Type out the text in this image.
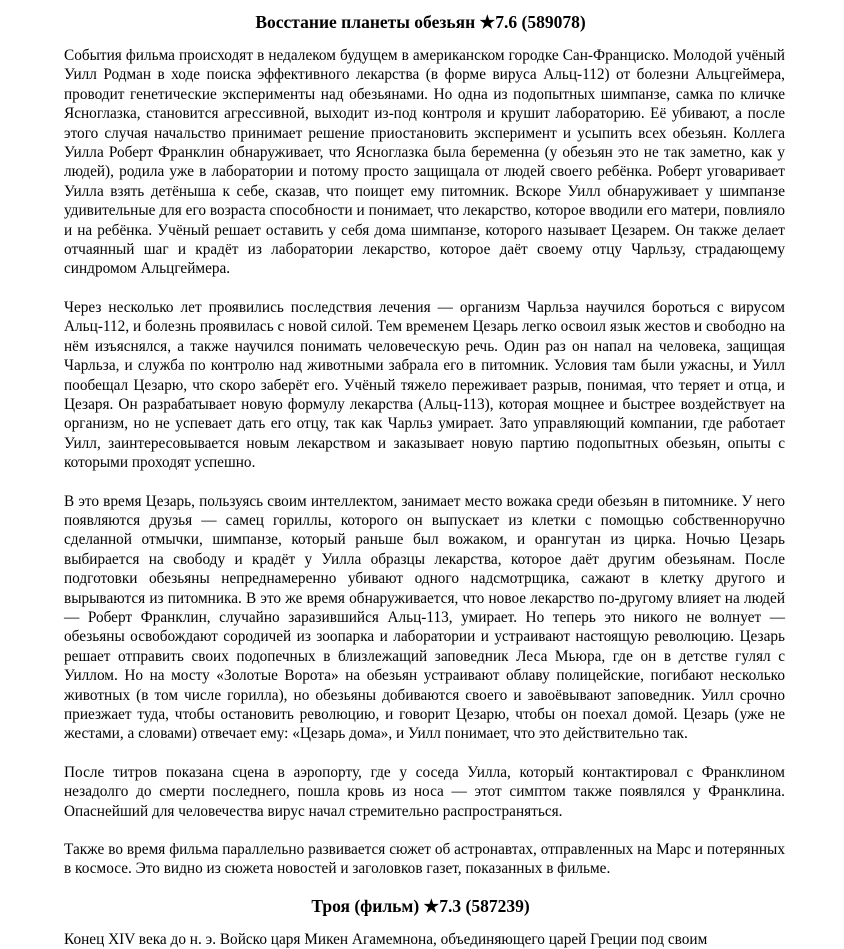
Восстание планеты обезьян ★7.6 (589078)

События фильма происходят в недалеком будущем в американском городке Сан-Франциско. Молодой учёный Уилл Родман в ходе поиска эффективного лекарства (в форме вируса Альц-112) от болезни Альцгеймера, проводит генетические эксперименты над обезьянами. Но одна из подопытных шимпанзе, самка по кличке Ясноглазка, становится агрессивной, выходит из-под контроля и крушит лабораторию. Её убивают, а после этого случая начальство принимает решение приостановить эксперимент и усыпить всех обезьян. Коллега Уилла Роберт Франклин обнаруживает, что Ясноглазка была беременна (у обезьян это не так заметно, как у людей), родила уже в лаборатории и потому просто защищала от людей своего ребёнка. Роберт уговаривает Уилла взять детёныша к себе, сказав, что поищет ему питомник. Вскоре Уилл обнаруживает у шимпанзе удивительные для его возраста способности и понимает, что лекарство, которое вводили его матери, повлияло и на ребёнка. Учёный решает оставить у себя дома шимпанзе, которого называет Цезарем. Он также делает отчаянный шаг и крадёт из лаборатории лекарство, которое даёт своему отцу Чарльзу, страдающему синдромом Альцгеймера.

Через несколько лет проявились последствия лечения — организм Чарльза научился бороться с вирусом Альц-112, и болезнь проявилась с новой силой. Тем временем Цезарь легко освоил язык жестов и свободно на нём изъяснялся, а также научился понимать человеческую речь. Один раз он напал на человека, защищая Чарльза, и служба по контролю над животными забрала его в питомник. Условия там были ужасны, и Уилл пообещал Цезарю, что скоро заберёт его. Учёный тяжело переживает разрыв, понимая, что теряет и отца, и Цезаря. Он разрабатывает новую формулу лекарства (Альц-113), которая мощнее и быстрее воздействует на организм, но не успевает дать его отцу, так как Чарльз умирает. Зато управляющий компании, где работает Уилл, заинтересовывается новым лекарством и заказывает новую партию подопытных обезьян, опыты с которыми проходят успешно.

В это время Цезарь, пользуясь своим интеллектом, занимает место вожака среди обезьян в питомнике. У него появляются друзья — самец гориллы, которого он выпускает из клетки с помощью собственноручно сделанной отмычки, шимпанзе, который раньше был вожаком, и орангутан из цирка. Ночью Цезарь выбирается на свободу и крадёт у Уилла образцы лекарства, которое даёт другим обезьянам. После подготовки обезьяны непреднамеренно убивают одного надсмотрщика, сажают в клетку другого и вырываются из питомника. В это же время обнаруживается, что новое лекарство по-другому влияет на людей — Роберт Франклин, случайно заразившийся Альц-113, умирает. Но теперь это никого не волнует — обезьяны освобождают сородичей из зоопарка и лаборатории и устраивают настоящую революцию. Цезарь решает отправить своих подопечных в близлежащий заповедник Леса Мьюра, где он в детстве гулял с Уиллом. Но на мосту «Золотые Ворота» на обезьян устраивают облаву полицейские, погибают несколько животных (в том числе горилла), но обезьяны добиваются своего и завоёвывают заповедник. Уилл срочно приезжает туда, чтобы остановить революцию, и говорит Цезарю, чтобы он поехал домой. Цезарь (уже не жестами, а словами) отвечает ему: «Цезарь дома», и Уилл понимает, что это действительно так.

После титров показана сцена в аэропорту, где у соседа Уилла, который контактировал с Франклином незадолго до смерти последнего, пошла кровь из носа — этот симптом также появлялся у Франклина. Опаснейший для человечества вирус начал стремительно распространяться.

Также во время фильма параллельно развивается сюжет об астронавтах, отправленных на Марс и потерянных в космосе. Это видно из сюжета новостей и заголовков газет, показанных в фильме.

Троя (фильм) ★7.3 (587239)

Конец XIV века до н. э. Войско царя Микен Агамемнона, объединяющего царей Греции под своим
